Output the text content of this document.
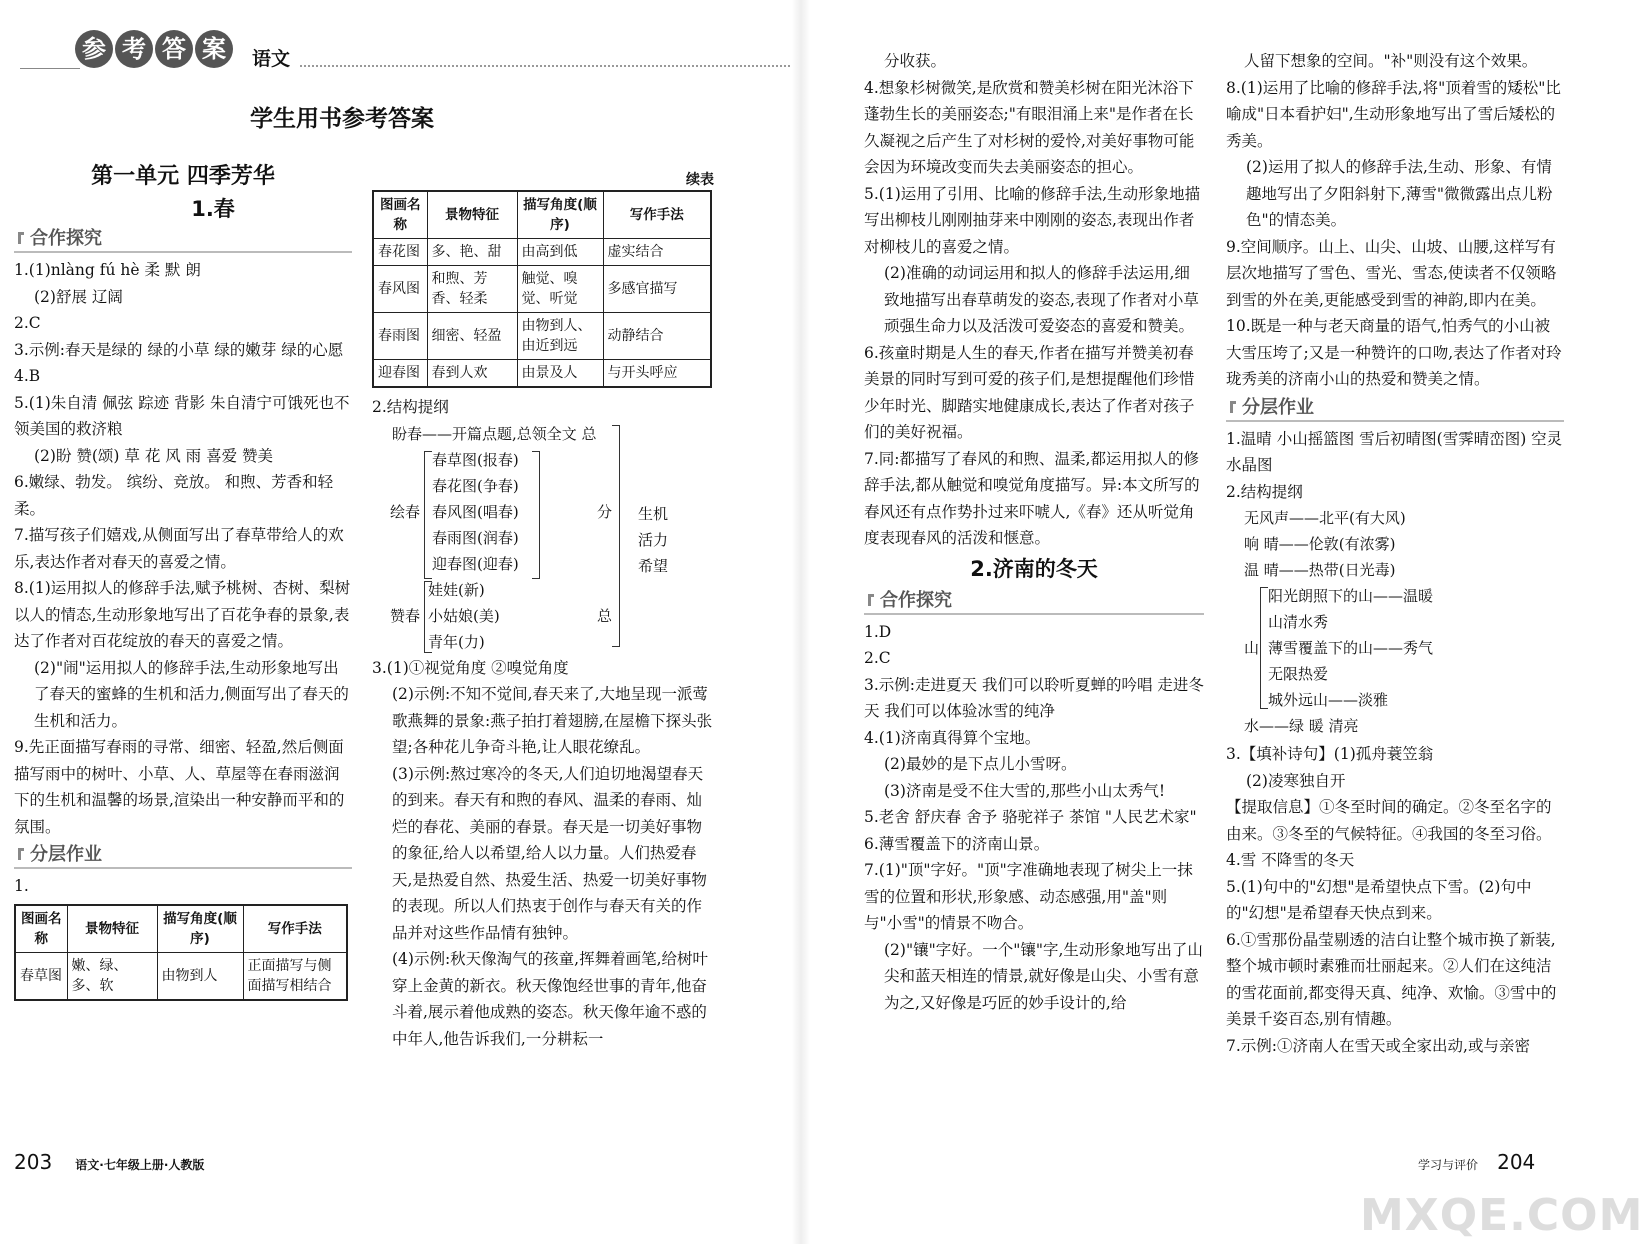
参 考 答 案	语文
学生用书参考答案
第一单元 四季芳华
1.春
合作探究

1.(1)nlàng fú hè 柔 默 朗

(2)舒展 辽阔

2.C

3.示例:春天是绿的 绿的小草 绿的嫩芽 绿的心愿

4.B

5.(1)朱自清 佩弦 踪迹 背影 朱自清宁可饿死也不领美国的救济粮

(2)盼 赞(颂) 草 花 风 雨 喜爱 赞美

6.嫩绿、勃发。 缤纷、竞放。 和煦、芳香和轻柔。

7.描写孩子们嬉戏,从侧面写出了春草带给人的欢乐,表达作者对春天的喜爱之情。

8.(1)运用拟人的修辞手法,赋予桃树、杏树、梨树以人的情态,生动形象地写出了百花争春的景象,表达了作者对百花绽放的春天的喜爱之情。

(2)"闹"运用拟人的修辞手法,生动形象地写出了春天的蜜蜂的生机和活力,侧面写出了春天的生机和活力。

9.先正面描写春雨的寻常、细密、轻盈,然后侧面描写雨中的树叶、小草、人、草屋等在春雨滋润下的生机和温馨的场景,渲染出一种安静而平和的氛围。

分层作业

1.

图画名称	景物特征	描写角度(顺序)	写作手法
春草图	嫩、绿、多、软	由物到人	正面描写与侧面描写相结合
续表
图画名称	景物特征	描写角度(顺序)	写作手法
春花图	多、艳、甜	由高到低	虚实结合
春风图	和煦、芳香、轻柔	触觉、嗅觉、听觉	多感官描写
春雨图	细密、轻盈	由物到人、由近到远	动静结合
迎春图	春到人欢	由景及人	与开头呼应

2.结构提纲

盼春——开篇点题,总领全文 总
绘春
春草图(报春)
春花图(争春)
春风图(唱春)
春雨图(润春)
迎春图(迎春)
分 生机
活力
希望
赞春
娃娃(新)
小姑娘(美)
青年(力)
总

3.(1)①视觉角度 ②嗅觉角度

(2)示例:不知不觉间,春天来了,大地呈现一派莺歌燕舞的景象:燕子拍打着翅膀,在屋檐下探头张望;各种花儿争奇斗艳,让人眼花缭乱。

(3)示例:熬过寒冷的冬天,人们迫切地渴望春天的到来。春天有和煦的春风、温柔的春雨、灿烂的春花、美丽的春景。春天是一切美好事物的象征,给人以希望,给人以力量。人们热爱春天,是热爱自然、热爱生活、热爱一切美好事物的表现。所以人们热衷于创作与春天有关的作品并对这些作品情有独钟。

(4)示例:秋天像淘气的孩童,挥舞着画笔,给树叶穿上金黄的新衣。秋天像饱经世事的青年,他奋斗着,展示着他成熟的姿态。秋天像年逾不惑的中年人,他告诉我们,一分耕耘一

分收获。

4.想象杉树微笑,是欣赏和赞美杉树在阳光沐浴下蓬勃生长的美丽姿态;"有眼泪涌上来"是作者在长久凝视之后产生了对杉树的爱怜,对美好事物可能会因为环境改变而失去美丽姿态的担心。

5.(1)运用了引用、比喻的修辞手法,生动形象地描写出柳枝儿刚刚抽芽来中刚刚的姿态,表现出作者对柳枝儿的喜爱之情。

(2)准确的动词运用和拟人的修辞手法运用,细致地描写出春草萌发的姿态,表现了作者对小草顽强生命力以及活泼可爱姿态的喜爱和赞美。

6.孩童时期是人生的春天,作者在描写并赞美初春美景的同时写到可爱的孩子们,是想提醒他们珍惜少年时光、脚踏实地健康成长,表达了作者对孩子们的美好祝福。

7.同:都描写了春风的和煦、温柔,都运用拟人的修辞手法,都从触觉和嗅觉角度描写。异:本文所写的春风还有点作势扑过来吓唬人,《春》还从听觉角度表现春风的活泼和惬意。

2.济南的冬天
合作探究

1.D

2.C

3.示例:走进夏天 我们可以聆听夏蝉的吟唱 走进冬天 我们可以体验冰雪的纯净

4.(1)济南真得算个宝地。

(2)最妙的是下点儿小雪呀。

(3)济南是受不住大雪的,那些小山太秀气!

5.老舍 舒庆春 舍予 骆驼祥子 茶馆 "人民艺术家"

6.薄雪覆盖下的济南山景。

7.(1)"顶"字好。"顶"字准确地表现了树尖上一抹雪的位置和形状,形象感、动态感强,用"盖"则与"小雪"的情景不吻合。

(2)"镶"字好。一个"镶"字,生动形象地写出了山尖和蓝天相连的情景,就好像是山尖、小雪有意为之,又好像是巧匠的妙手设计的,给

人留下想象的空间。"补"则没有这个效果。

8.(1)运用了比喻的修辞手法,将"顶着雪的矮松"比喻成"日本看护妇",生动形象地写出了雪后矮松的秀美。

(2)运用了拟人的修辞手法,生动、形象、有情趣地写出了夕阳斜射下,薄雪"微微露出点儿粉色"的情态美。

9.空间顺序。山上、山尖、山坡、山腰,这样写有层次地描写了雪色、雪光、雪态,使读者不仅领略到雪的外在美,更能感受到雪的神韵,即内在美。

10.既是一种与老天商量的语气,怕秀气的小山被大雪压垮了;又是一种赞许的口吻,表达了作者对玲珑秀美的济南小山的热爱和赞美之情。

分层作业

1.温晴 小山摇篮图 雪后初晴图(雪霁晴峦图) 空灵水晶图

2.结构提纲

无风声——北平(有大风)
响 晴——伦敦(有浓雾)
温 晴——热带(日光毒)
山
阳光朗照下的山——温暖
山清水秀
薄雪覆盖下的山——秀气
无限热爱
城外远山——淡雅
水——绿 暖 清亮

3.【填补诗句】(1)孤舟蓑笠翁

(2)凌寒独自开

【提取信息】①冬至时间的确定。②冬至名字的由来。③冬至的气候特征。④我国的冬至习俗。

4.雪 不降雪的冬天

5.(1)句中的"幻想"是希望快点下雪。(2)句中的"幻想"是希望春天快点到来。

6.①雪那份晶莹剔透的洁白让整个城市换了新装,整个城市顿时素雅而壮丽起来。②人们在这纯洁的雪花面前,都变得天真、纯净、欢愉。③雪中的美景千姿百态,别有情趣。

7.示例:①济南人在雪天或全家出动,或与亲密

203 语文·七年级上册·人教版	学习与评价 204
MXQE.COM
